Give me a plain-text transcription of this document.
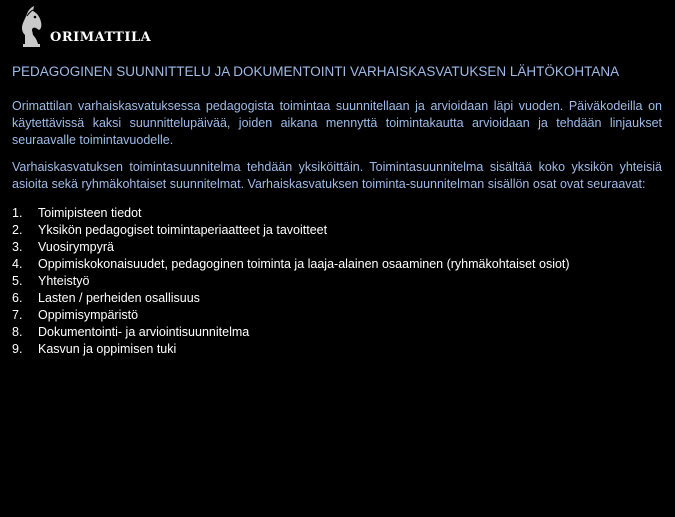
ORIMATTILA
PEDAGOGINEN SUUNNITTELU JA DOKUMENTOINTI VARHAISKASVATUKSEN LÄHTÖKOHTANA

Orimattilan varhaiskasvatuksessa pedagogista toimintaa suunnitellaan ja arvioidaan läpi vuoden. Päiväkodeilla on käytettävissä kaksi suunnittelupäivää, joiden aikana mennyttä toimintakautta arvioidaan ja tehdään linjaukset seuraavalle toimintavuodelle.

Varhaiskasvatuksen toimintasuunnitelma tehdään yksiköittäin. Toimintasuunnitelma sisältää koko yksikön yhteisiä asioita sekä ryhmäkohtaiset suunnitelmat. Varhaiskasvatuksen toiminta-suunnitelman sisällön osat ovat seuraavat:

1.	Toimipisteen tiedot
2.	Yksikön pedagogiset toimintaperiaatteet ja tavoitteet
3.	Vuosirympyrä
4.	Oppimiskokonaisuudet, pedagoginen toiminta ja laaja-alainen osaaminen (ryhmäkohtaiset osiot)
5.	Yhteistyö
6.	Lasten / perheiden osallisuus
7.	Oppimisympäristö
8.	Dokumentointi- ja arviointisuunnitelma
9.	Kasvun ja oppimisen tuki
